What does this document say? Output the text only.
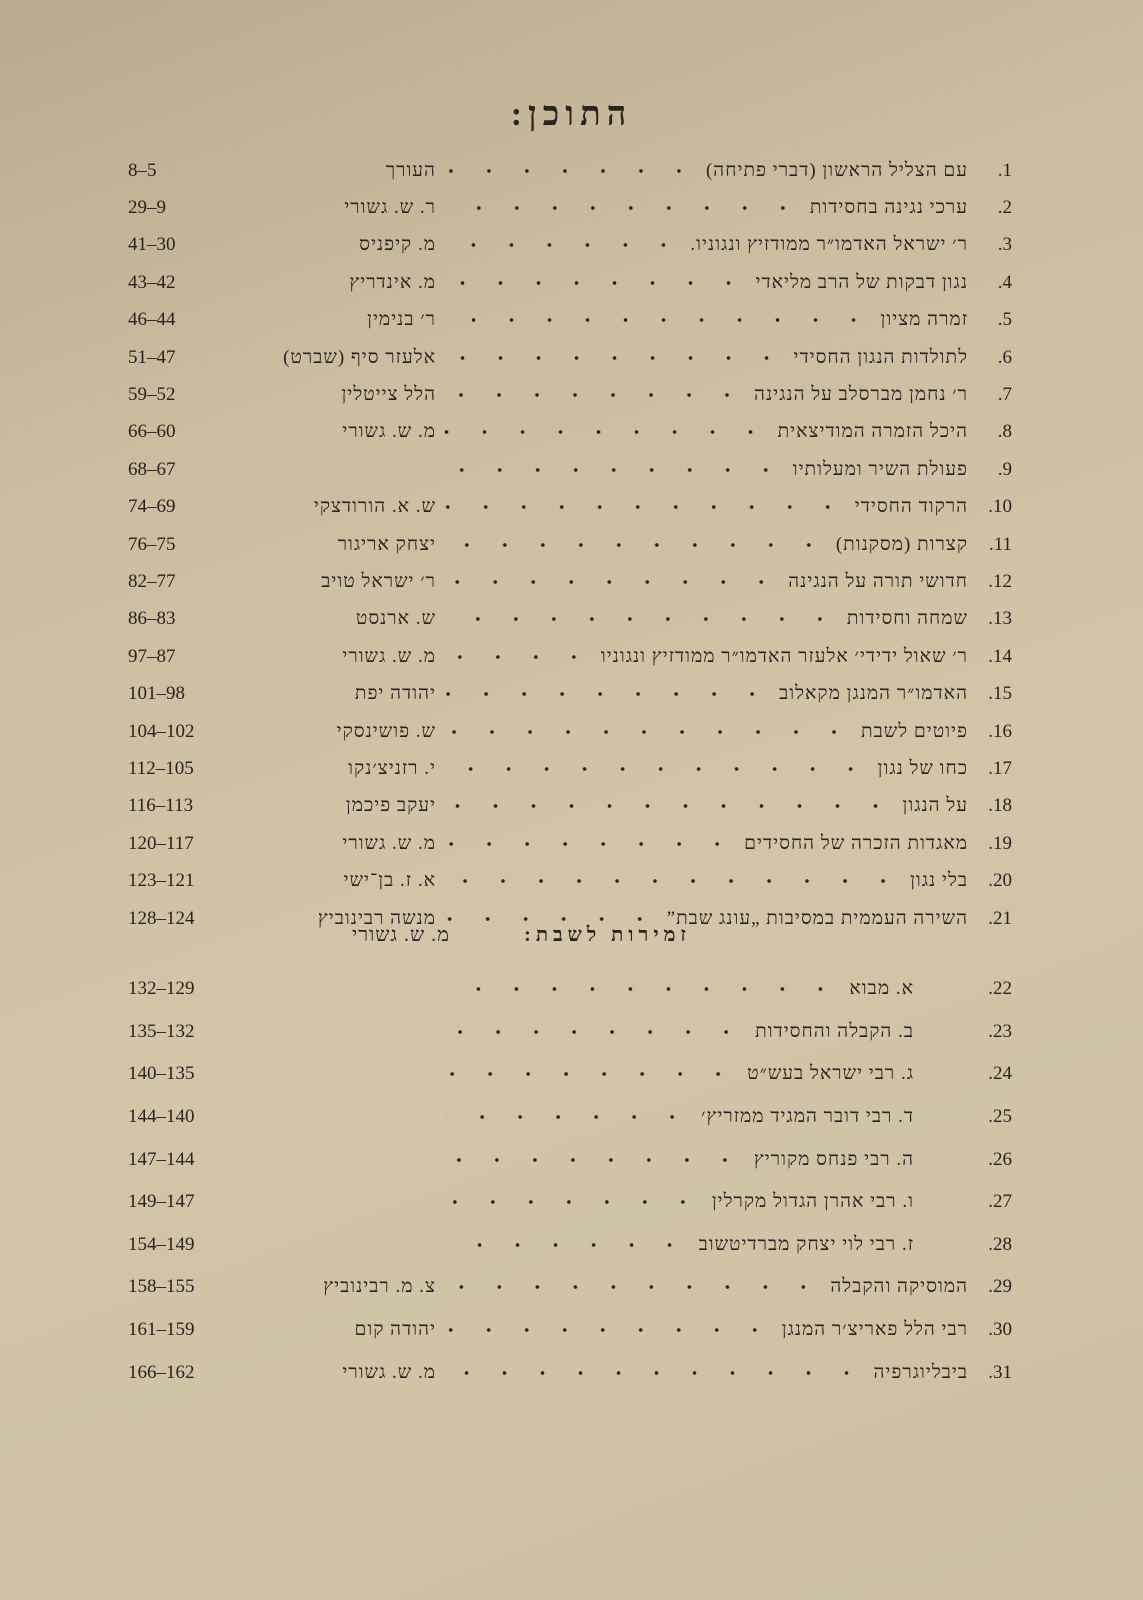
התוכן:
1.
עם הצליל הראשון (דברי פתיחה)
העורך
8–5
2.
ערכי נגינה בחסידות
ר. ש. גשורי
29–9
3.
ר׳ ישראל האדמו״ר ממודזיץ ונגוניו.
מ. קיפניס
41–30
4.
נגון דבקות של הרב מליאדי
מ. אינדריץ
43–42
5.
זמרה מציון
ר׳ בנימין
46–44
6.
לתולדות הנגון החסידי
אלעזר סיף (שברט)
51–47
7.
ר׳ נחמן מברסלב על הנגינה
הלל צייטלין
59–52
8.
היכל הזמרה המודיצאית
מ. ש. גשורי
66–60
9.
פעולת השיר ומעלותיו
68–67
10.
הרקוד החסידי
ש. א. הורודצקי
74–69
11.
קצרות (מסקנות)
יצחק אריגור
76–75
12.
חדושי תורה על הנגינה
ר׳ ישראל טויב
82–77
13.
שמחה וחסידות
ש. ארנסט
86–83
14.
ר׳ שאול ידידי׳ אלעזר האדמו״ר ממודזיץ ונגוניו
מ. ש. גשורי
97–87
15.
האדמו״ר המנגן מקאלוב
יהודה יפת
101–98
16.
פיוטים לשבת
ש. פושינסקי
104–102
17.
כחו של נגון
י. רזניצ׳נקו
112–105
18.
על הנגון
יעקב פיכמן
116–113
19.
מאגדות הזכרה של החסידים
מ. ש. גשורי
120–117
20.
בלי נגון
א. ז. בן־ישי
123–121
21.
השירה העממית במסיבות „עונג שבת”
מנשה רבינוביץ
128–124
זמירות לשבת:
מ. ש. גשורי
22.
א. מבוא
132–129
23.
ב. הקבלה והחסידות
135–132
24.
ג. רבי ישראל בעש״ט
140–135
25.
ד. רבי דובר המגיד ממזריץ׳
144–140
26.
ה. רבי פנחס מקוריץ
147–144
27.
ו. רבי אהרן הגדול מקרלין
149–147
28.
ז. רבי לוי יצחק מברדיטשוב
154–149
29.
המוסיקה והקבלה
צ. מ. רבינוביץ
158–155
30.
רבי הלל פאריצ׳ר המנגן
יהודה קום
161–159
31.
ביבליוגרפיה
מ. ש. גשורי
166–162
